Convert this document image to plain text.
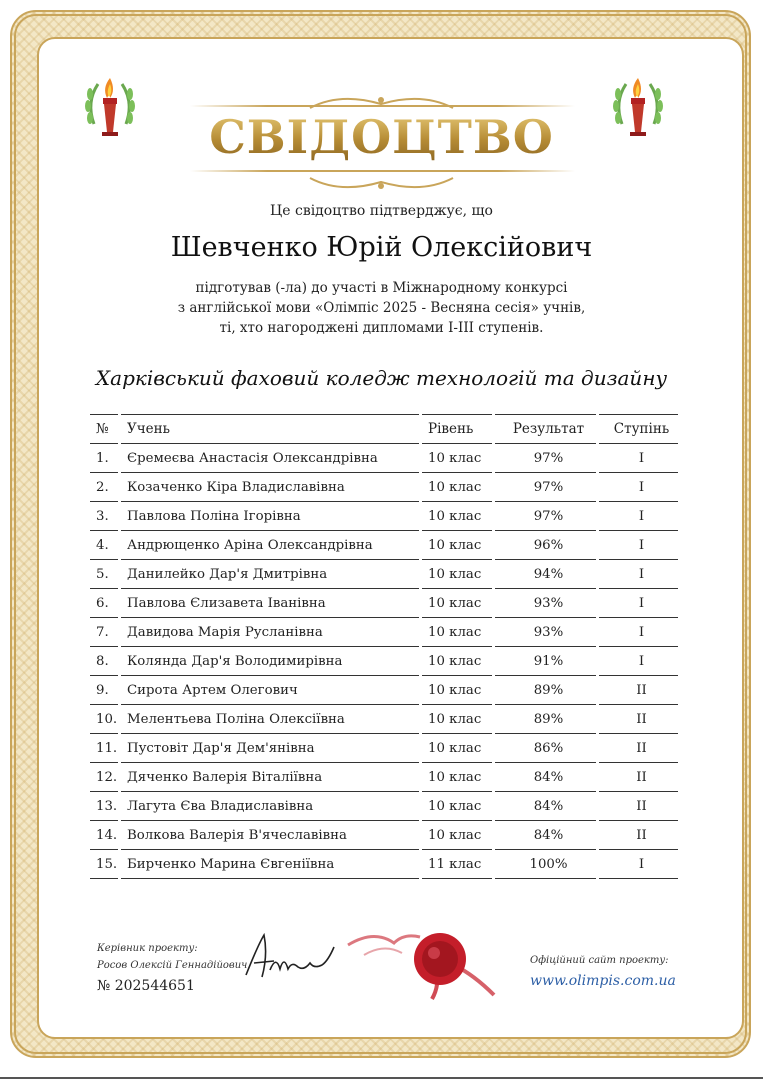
СВІДОЦТВО
Це свідоцтво підтверджує, що
Шевченко Юрій Олексійович
підготував (-ла) до участі в Міжнародному конкурсі
з англійської мови «Олімпіс 2025 - Весняна сесія» учнів,
ті, хто нагороджені дипломами I-III ступенів.
Харківський фаховий коледж технологій та дизайну
№	Учень	Рівень	Результат	Ступінь
1.	Єремеєва Анастасія Олександрівна	10 клас	97%	I
2.	Козаченко Кіра Владиславівна	10 клас	97%	I
3.	Павлова Поліна Ігорівна	10 клас	97%	I
4.	Андрющенко Аріна Олександрівна	10 клас	96%	I
5.	Данилейко Дар'я Дмитрівна	10 клас	94%	I
6.	Павлова Єлизавета Іванівна	10 клас	93%	I
7.	Давидова Марія Русланівна	10 клас	93%	I
8.	Колянда Дар'я Володимирівна	10 клас	91%	I
9.	Сирота Артем Олегович	10 клас	89%	II
10.	Мелентьева Поліна Олексіївна	10 клас	89%	II
11.	Пустовіт Дар'я Дем'янівна	10 клас	86%	II
12.	Дяченко Валерія Віталіївна	10 клас	84%	II
13.	Лагута Єва Владиславівна	10 клас	84%	II
14.	Волкова Валерія В'ячеславівна	10 клас	84%	II
15.	Бирченко Марина Євгеніївна	11 клас	100%	I
Керівник проекту:
Росов Олексій Геннадійович
№ 202544651
Офіційний сайт проекту:
www.olimpis.com.ua
